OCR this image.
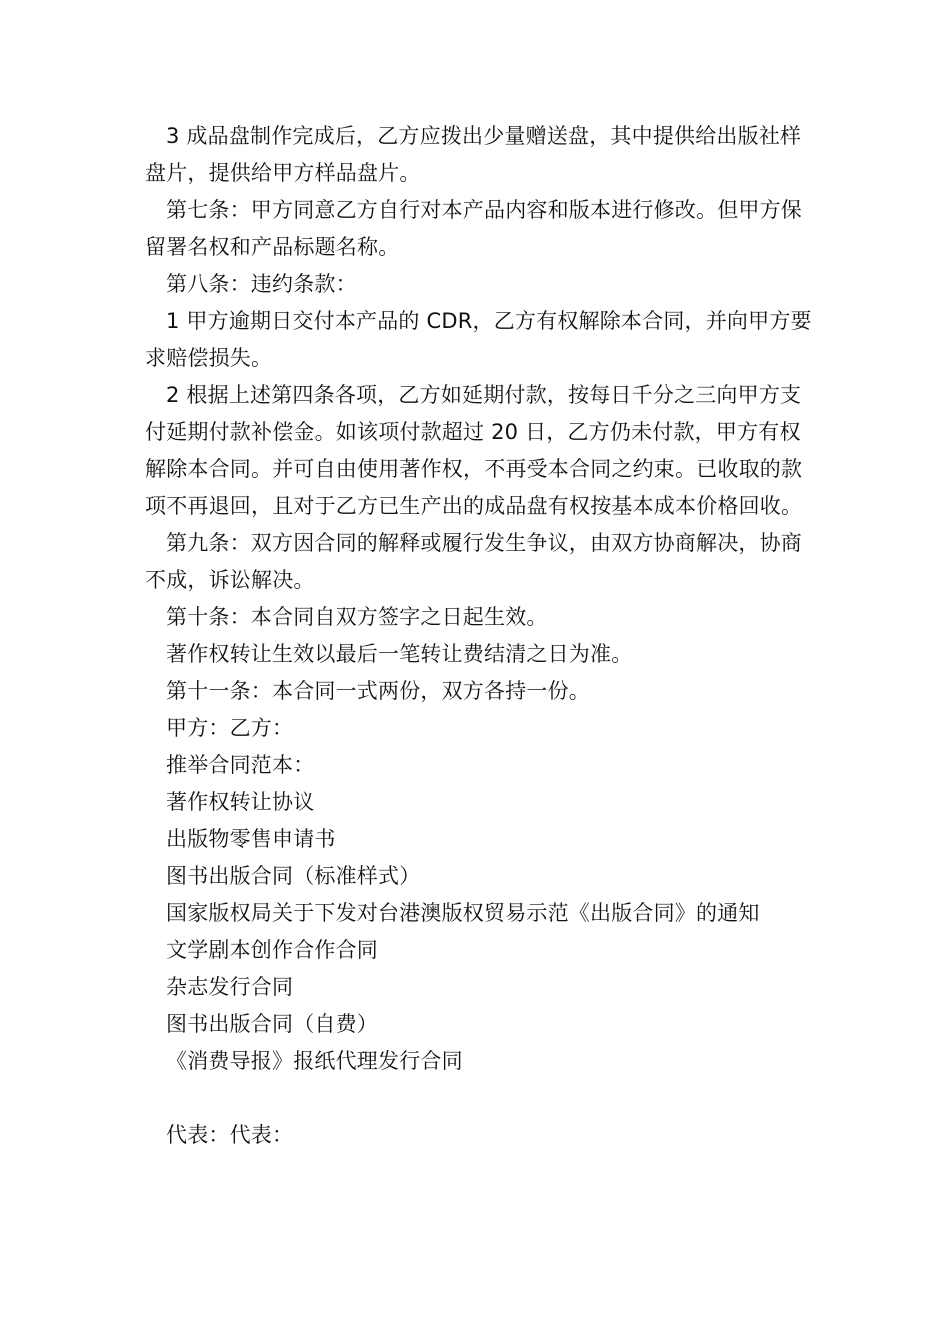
3 成品盘制作完成后，乙方应拨出少量赠送盘，其中提供给出版社样盘片，提供给甲方样品盘片。

第七条：甲方同意乙方自行对本产品内容和版本进行修改。但甲方保留署名权和产品标题名称。

第八条：违约条款：

1 甲方逾期日交付本产品的 CDR，乙方有权解除本合同，并向甲方要求赔偿损失。

2 根据上述第四条各项，乙方如延期付款，按每日千分之三向甲方支付延期付款补偿金。如该项付款超过 20 日，乙方仍未付款，甲方有权解除本合同。并可自由使用著作权，不再受本合同之约束。已收取的款项不再退回，且对于乙方已生产出的成品盘有权按基本成本价格回收。

第九条：双方因合同的解释或履行发生争议，由双方协商解决，协商不成，诉讼解决。

第十条：本合同自双方签字之日起生效。

著作权转让生效以最后一笔转让费结清之日为准。

第十一条：本合同一式两份，双方各持一份。

甲方：乙方：

推举合同范本：

著作权转让协议

出版物零售申请书

图书出版合同（标准样式）

国家版权局关于下发对台港澳版权贸易示范《出版合同》的通知

文学剧本创作合作合同

杂志发行合同

图书出版合同（自费）

《消费导报》报纸代理发行合同

代表：代表：
